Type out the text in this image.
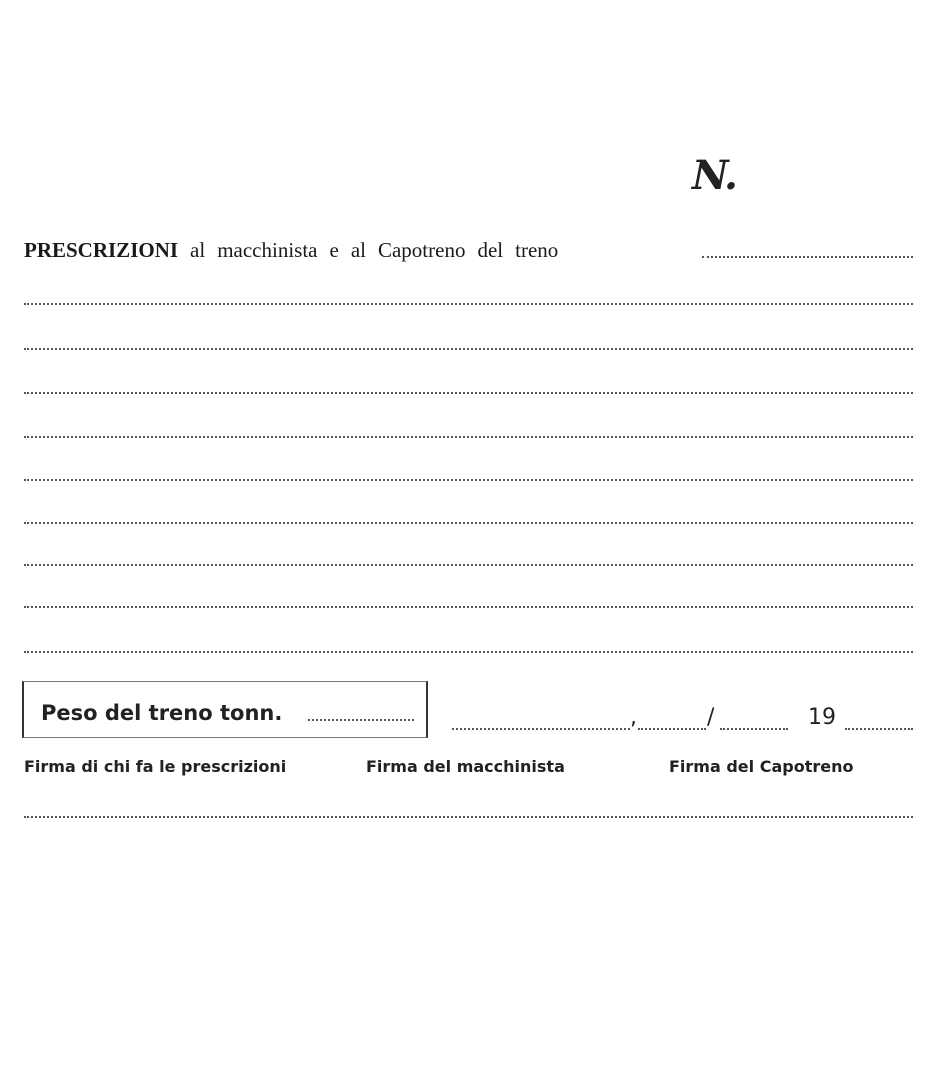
N.
PRESCRIZIONI al macchinista e al Capotreno del treno
Peso del treno tonn.	,	/	19
Firma di chi fa le prescrizioni	Firma del macchinista	Firma del Capotreno
